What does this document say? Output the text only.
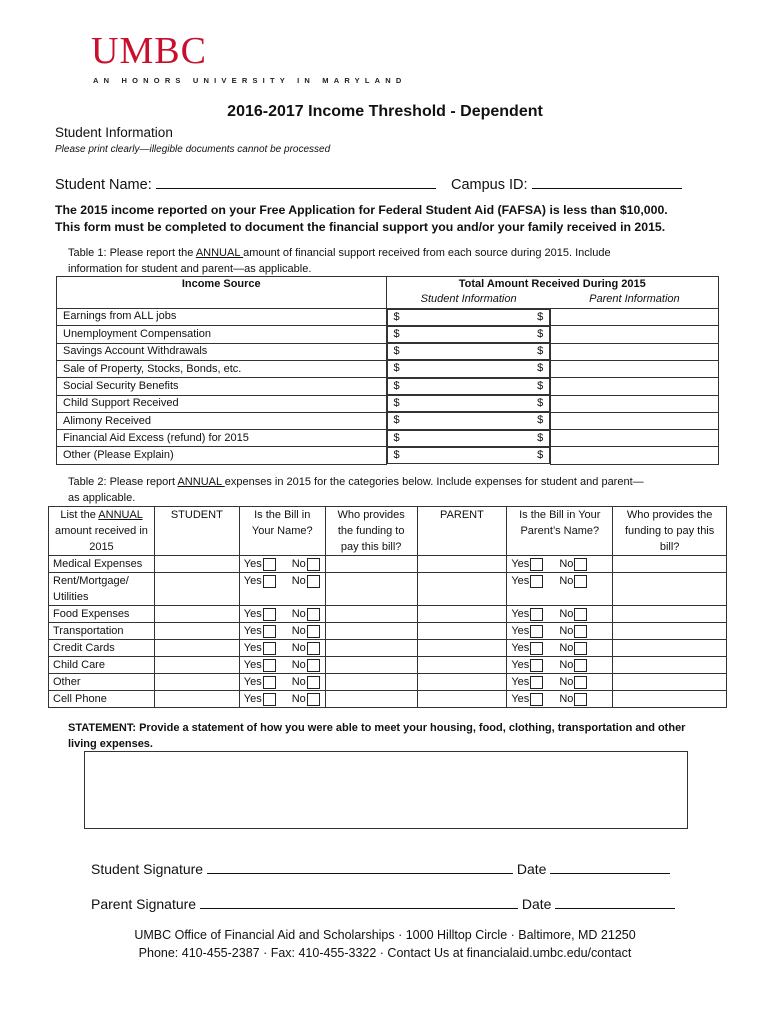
UMBC
AN HONORS UNIVERSITY IN MARYLAND
2016-2017 Income Threshold - Dependent
Student Information
Please print clearly—illegible documents cannot be processed
Student Name:	Campus ID:
The 2015 income reported on your Free Application for Federal Student Aid (FAFSA) is less than $10,000.
This form must be completed to document the financial support you and/or your family received in 2015.
Table 1: Please report the ANNUAL amount of financial support received from each source during 2015. Include
information for student and parent—as applicable.
Income Source	Total Amount Received During 2015	
	Student Information	Parent Information
Earnings from ALL jobs		$	$

Unemployment Compensation		$	$

Savings Account Withdrawals		$	$

Sale of Property, Stocks, Bonds, etc.		$	$

Social Security Benefits		$	$

Child Support Received		$	$

Alimony Received		$	$

Financial Aid Excess (refund) for 2015		$	$

Other (Please Explain)		$	$
Table 2: Please report ANNUAL expenses in 2015 for the categories below. Include expenses for student and parent—
as applicable.
List the ANNUAL amount received in 2015	STUDENT	Is the Bill in Your Name?	Who provides the funding to pay this bill?	PARENT	Is the Bill in Your Parent’s Name?	Who provides the funding to pay this bill?
Medical Expenses		Yes No			Yes No	

Rent/Mortgage/ Utilities		Yes No			Yes No	

Food Expenses		Yes No			Yes No	

Transportation		Yes No			Yes No	

Credit Cards		Yes No			Yes No	

Child Care		Yes No			Yes No	

Other		Yes No			Yes No	

Cell Phone		Yes No			Yes No	

STATEMENT: Provide a statement of how you were able to meet your housing, food, clothing, transportation and other living expenses.
Student Signature	Date
Parent Signature	Date
UMBC Office of Financial Aid and Scholarships · 1000 Hilltop Circle · Baltimore, MD 21250
Phone: 410-455-2387 · Fax: 410-455-3322 · Contact Us at financialaid.umbc.edu/contact
